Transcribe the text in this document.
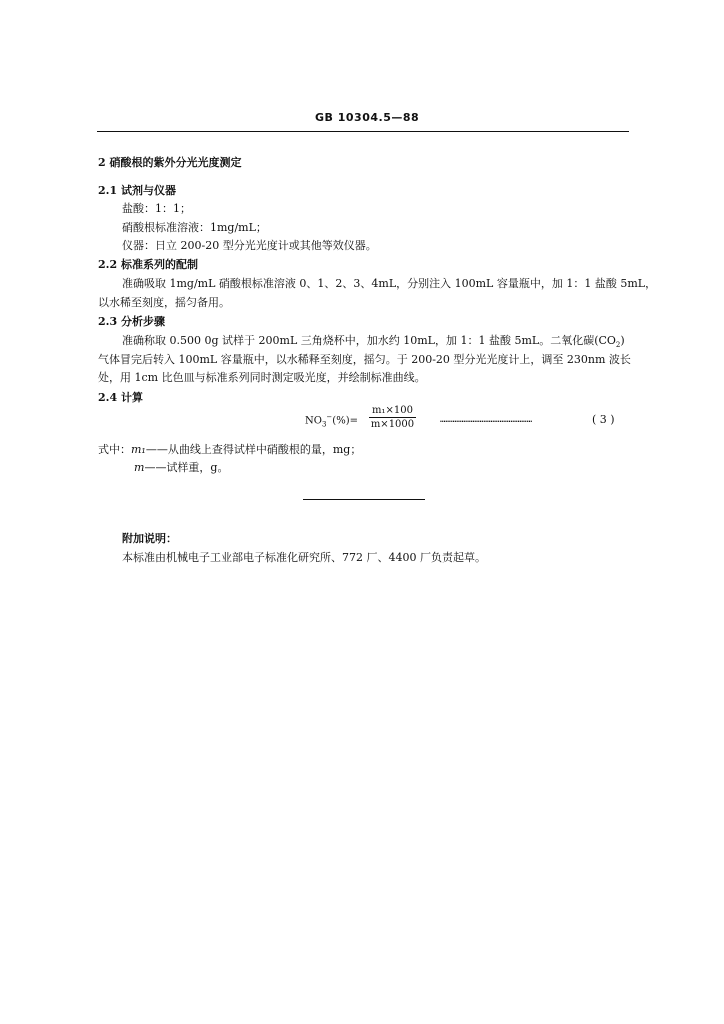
GB 10304.5—88
2 硝酸根的紫外分光光度测定
2.1 试剂与仪器
盐酸：1：1；
硝酸根标准溶液：1mg/mL；
仪器：日立 200-20 型分光光度计或其他等效仪器。
2.2 标准系列的配制
准确吸取 1mg/mL 硝酸根标准溶液 0、1、2、3、4mL，分别注入 100mL 容量瓶中，加 1：1 盐酸 5mL，
以水稀至刻度，摇匀备用。
2.3 分析步骤
准确称取 0.500 0g 试样于 200mL 三角烧杯中，加水约 10mL，加 1：1 盐酸 5mL。二氧化碳$(CO_2)$
气体冒完后转入 100mL 容量瓶中，以水稀释至刻度，摇匀。于 200-20 型分光光度计上，调至 230nm 波长
处，用 1cm 比色皿与标准系列同时测定吸光度，并绘制标准曲线。
2.4 计算
$NO_3^-(\%)= \frac{\text{m₁×100}}{m\times 1000}$	……………………………………………	( 3 )
式中：m₁——从曲线上查得试样中硝酸根的量，mg；
m——试样重，g。
附加说明：
本标准由机械电子工业部电子标准化研究所、772 厂、4400 厂负责起草。
